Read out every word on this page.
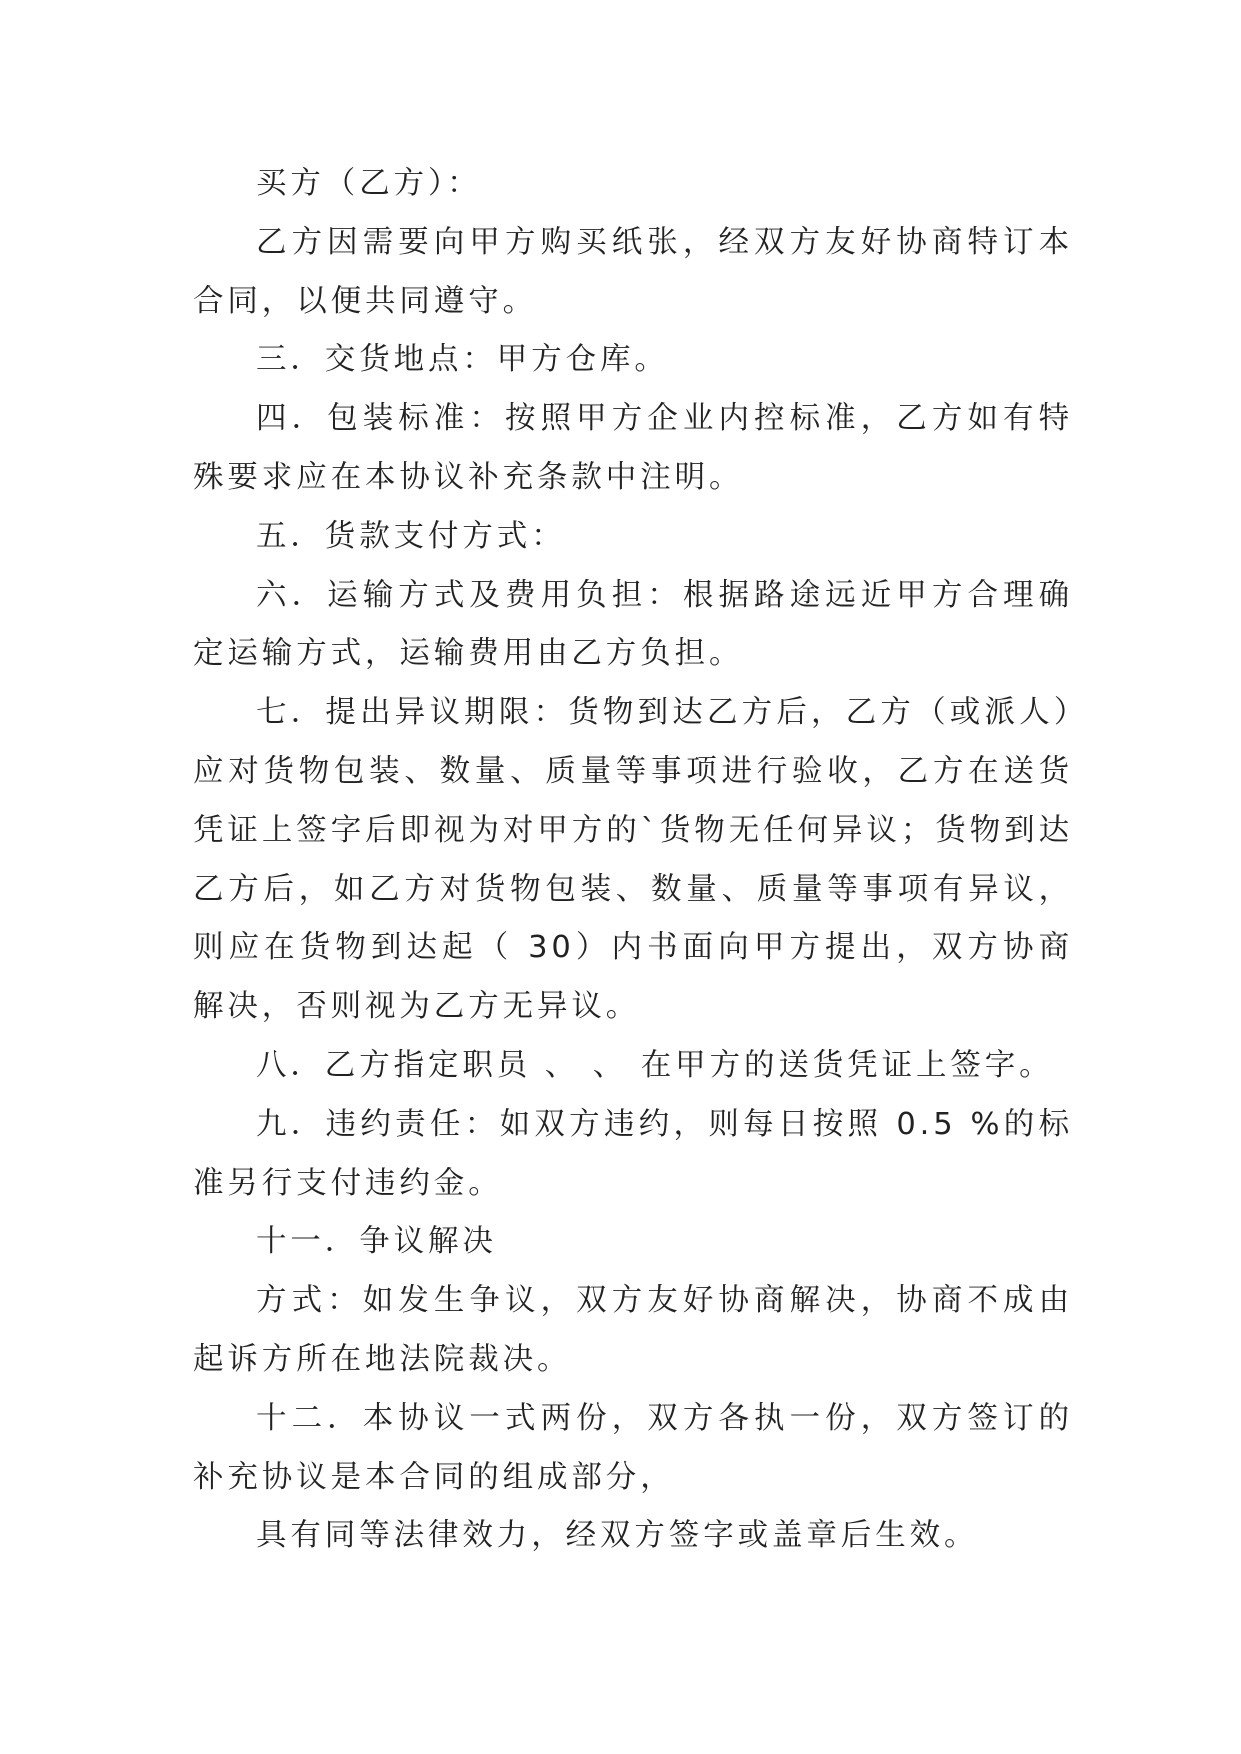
买方（乙方）：

乙方因需要向甲方购买纸张，经双方友好协商特订本合同，以便共同遵守。

三．交货地点：甲方仓库。

四．包装标准：按照甲方企业内控标准，乙方如有特殊要求应在本协议补充条款中注明。

五．货款支付方式：

六．运输方式及费用负担：根据路途远近甲方合理确定运输方式，运输费用由乙方负担。

七．提出异议期限：货物到达乙方后，乙方（或派人）应对货物包装、数量、质量等事项进行验收，乙方在送货凭证上签字后即视为对甲方的`货物无任何异议；货物到达乙方后，如乙方对货物包装、数量、质量等事项有异议，则应在货物到达起（ 30）内书面向甲方提出，双方协商解决，否则视为乙方无异议。

八．乙方指定职员 、 、 在甲方的送货凭证上签字。

九．违约责任：如双方违约，则每日按照 0.5 %的标准另行支付违约金。

十一．争议解决

方式：如发生争议，双方友好协商解决，协商不成由起诉方所在地法院裁决。

十二．本协议一式两份，双方各执一份，双方签订的补充协议是本合同的组成部分，

具有同等法律效力，经双方签字或盖章后生效。
